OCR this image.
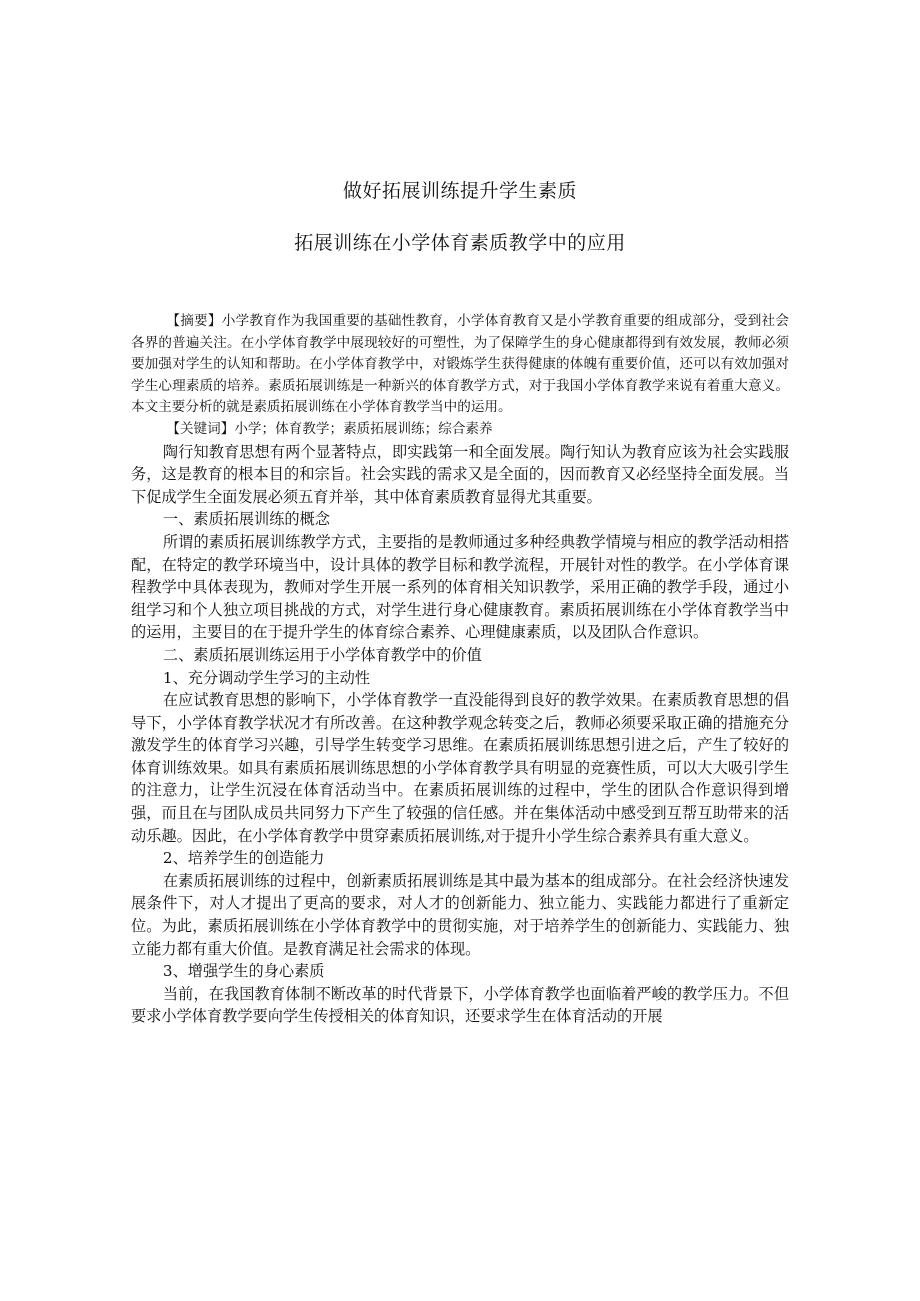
做好拓展训练提升学生素质
拓展训练在小学体育素质教学中的应用

【摘要】小学教育作为我国重要的基础性教育，小学体育教育又是小学教育重要的组成部分，受到社会各界的普遍关注。在小学体育教学中展现较好的可塑性，为了保障学生的身心健康都得到有效发展，教师必须要加强对学生的认知和帮助。在小学体育教学中，对锻炼学生获得健康的体魄有重要价值，还可以有效加强对学生心理素质的培养。素质拓展训练是一种新兴的体育教学方式，对于我国小学体育教学来说有着重大意义。本文主要分析的就是素质拓展训练在小学体育教学当中的运用。

【关键词】小学；体育教学；素质拓展训练；综合素养

陶行知教育思想有两个显著特点，即实践第一和全面发展。陶行知认为教育应该为社会实践服务，这是教育的根本目的和宗旨。社会实践的需求又是全面的，因而教育又必经坚持全面发展。当下促成学生全面发展必须五育并举，其中体育素质教育显得尤其重要。

一、素质拓展训练的概念

所谓的素质拓展训练教学方式，主要指的是教师通过多种经典教学情境与相应的教学活动相搭配，在特定的教学环境当中，设计具体的教学目标和教学流程，开展针对性的教学。在小学体育课程教学中具体表现为，教师对学生开展一系列的体育相关知识教学，采用正确的教学手段，通过小组学习和个人独立项目挑战的方式，对学生进行身心健康教育。素质拓展训练在小学体育教学当中的运用，主要目的在于提升学生的体育综合素养、心理健康素质，以及团队合作意识。

二、素质拓展训练运用于小学体育教学中的价值

1、充分调动学生学习的主动性

在应试教育思想的影响下，小学体育教学一直没能得到良好的教学效果。在素质教育思想的倡导下，小学体育教学状况才有所改善。在这种教学观念转变之后，教师必须要采取正确的措施充分激发学生的体育学习兴趣，引导学生转变学习思维。在素质拓展训练思想引进之后，产生了较好的体育训练效果。如具有素质拓展训练思想的小学体育教学具有明显的竞赛性质，可以大大吸引学生的注意力，让学生沉浸在体育活动当中。在素质拓展训练的过程中，学生的团队合作意识得到增强，而且在与团队成员共同努力下产生了较强的信任感。并在集体活动中感受到互帮互助带来的活动乐趣。因此，在小学体育教学中贯穿素质拓展训练,对于提升小学生综合素养具有重大意义。

2、培养学生的创造能力

在素质拓展训练的过程中，创新素质拓展训练是其中最为基本的组成部分。在社会经济快速发展条件下，对人才提出了更高的要求，对人才的创新能力、独立能力、实践能力都进行了重新定位。为此，素质拓展训练在小学体育教学中的贯彻实施，对于培养学生的创新能力、实践能力、独立能力都有重大价值。是教育满足社会需求的体现。

3、增强学生的身心素质

当前，在我国教育体制不断改革的时代背景下，小学体育教学也面临着严峻的教学压力。不但要求小学体育教学要向学生传授相关的体育知识，还要求学生在体育活动的开展
